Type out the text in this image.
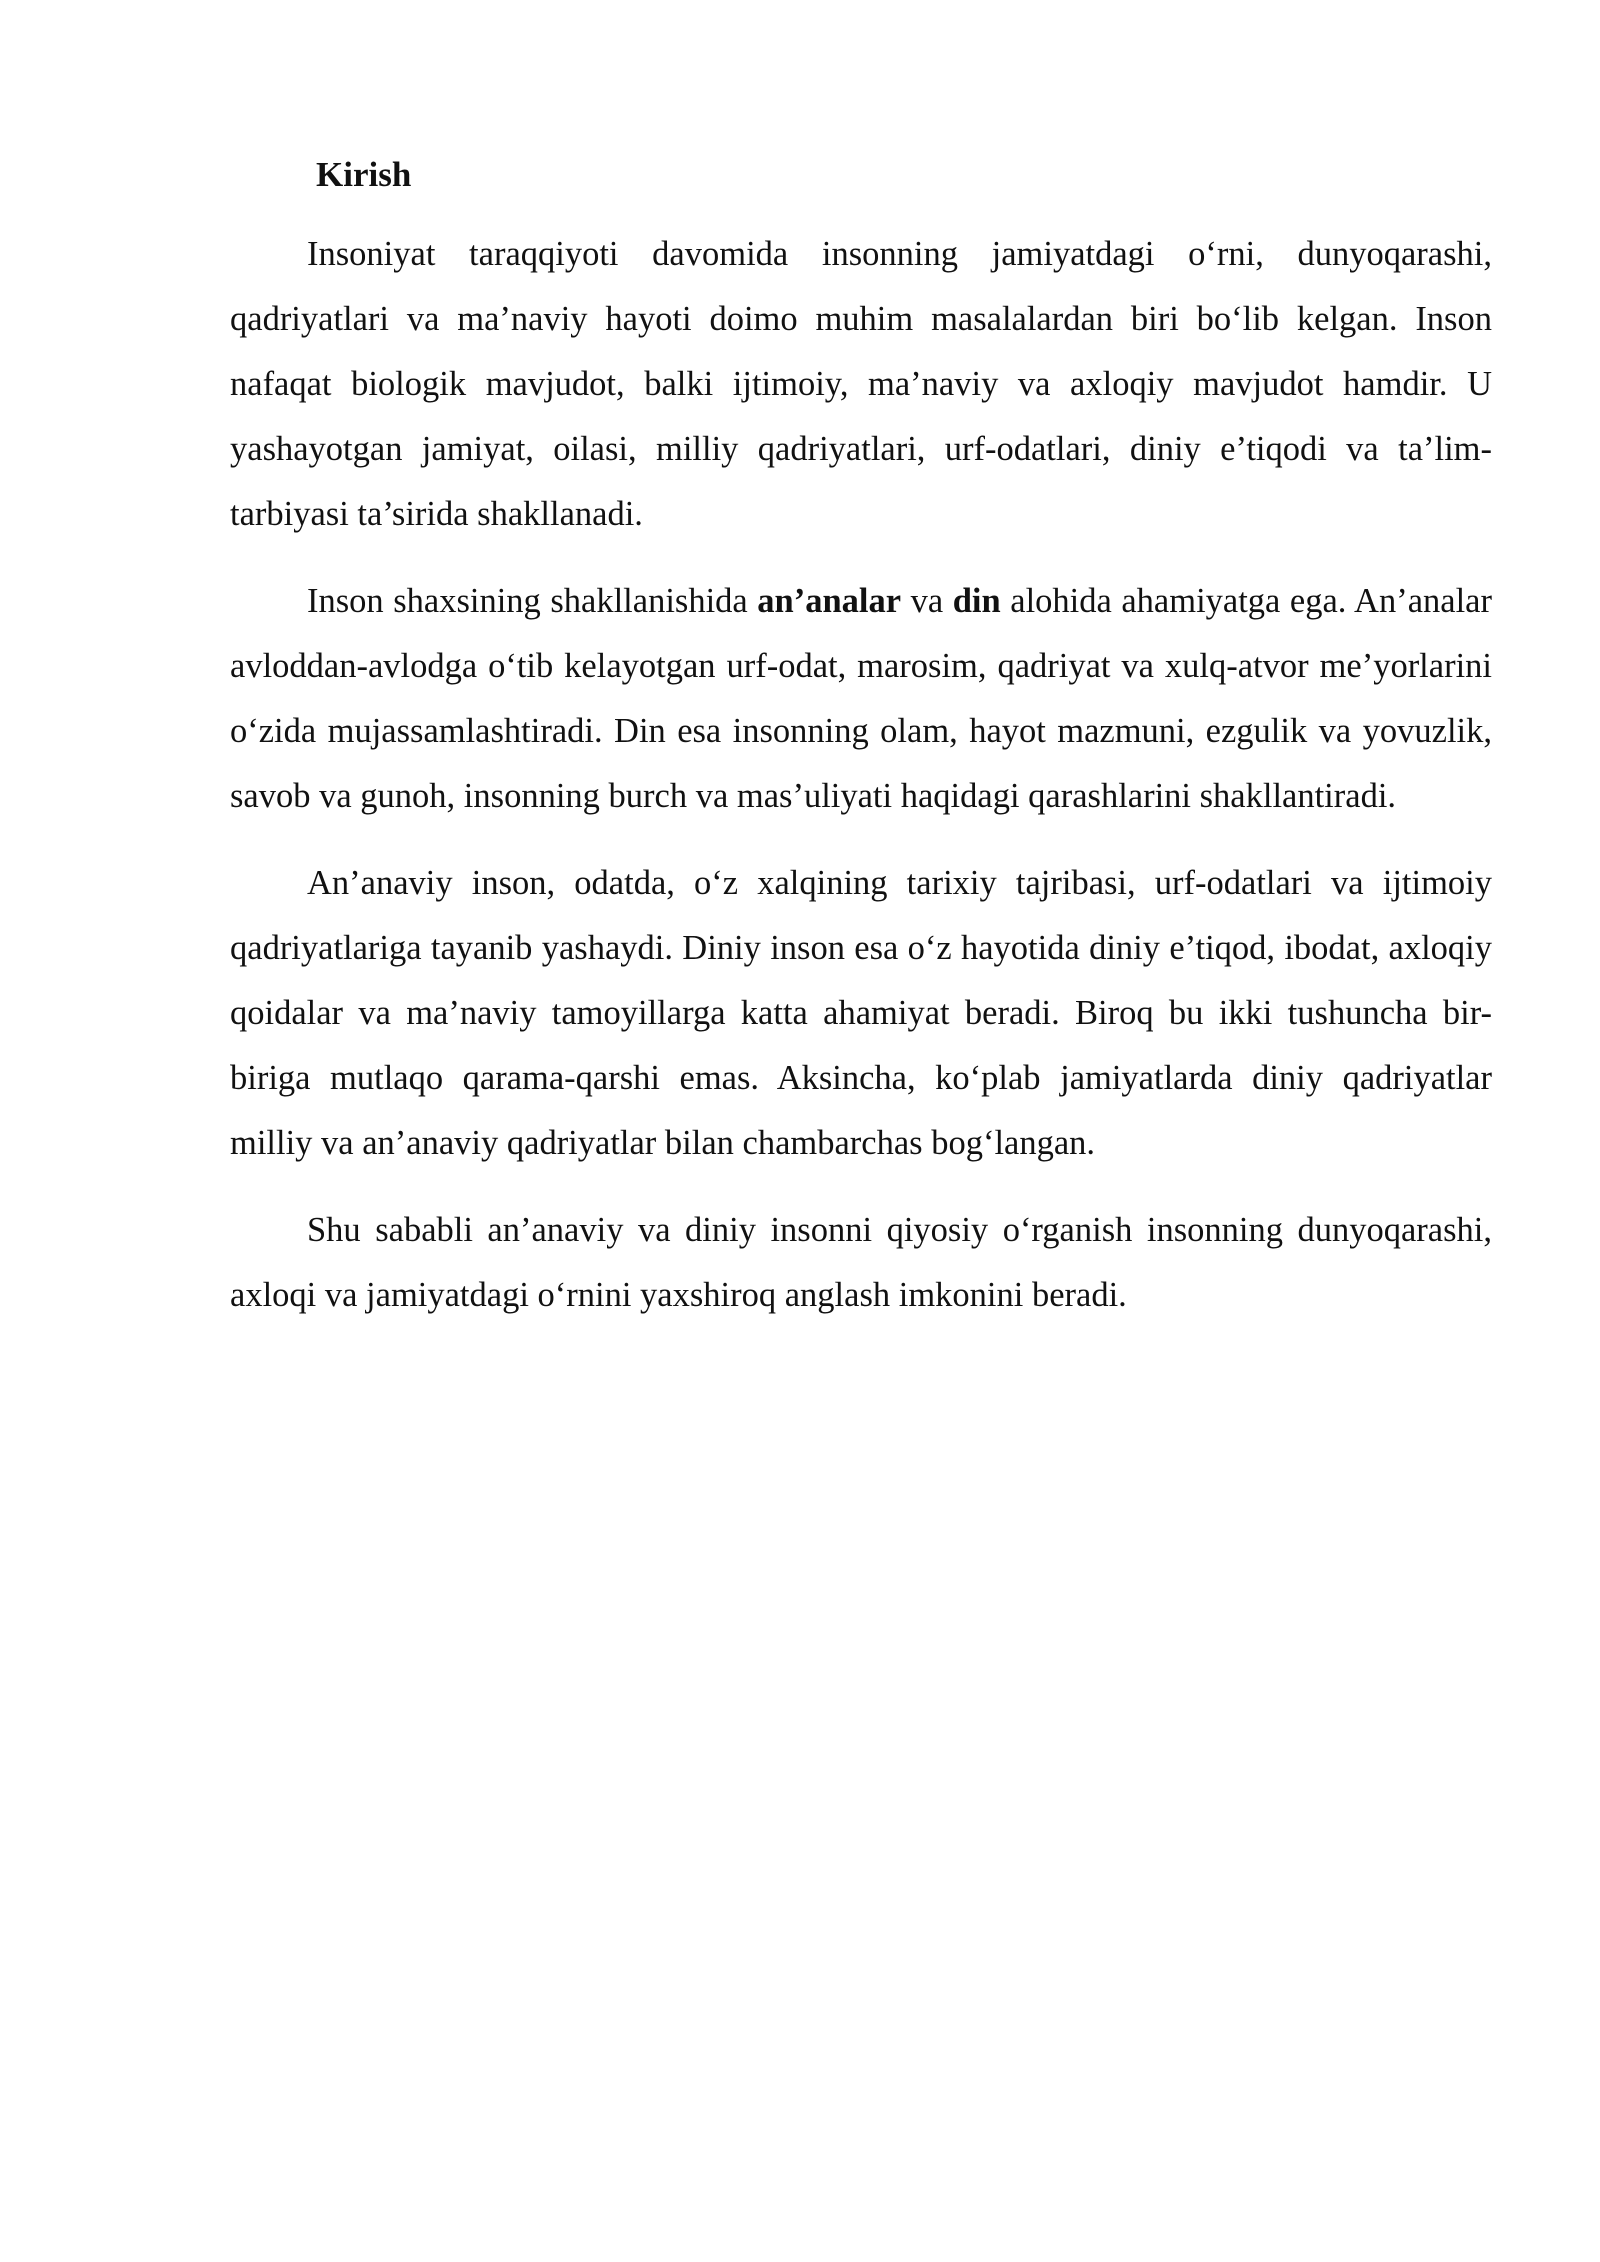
Kirish

Insoniyat taraqqiyoti davomida insonning jamiyatdagi o‘rni, dunyoqarashi, qadriyatlari va ma’naviy hayoti doimo muhim masalalardan biri bo‘lib kelgan. Inson nafaqat biologik mavjudot, balki ijtimoiy, ma’naviy va axloqiy mavjudot hamdir. U yashayotgan jamiyat, oilasi, milliy qadriyatlari, urf-odatlari, diniy e’tiqodi va ta’lim-tarbiyasi ta’sirida shakllanadi.

Inson shaxsining shakllanishida an’analar va din alohida ahamiyatga ega. An’analar avloddan-avlodga o‘tib kelayotgan urf-odat, marosim, qadriyat va xulq-atvor me’yorlarini o‘zida mujassamlashtiradi. Din esa insonning olam, hayot mazmuni, ezgulik va yovuzlik, savob va gunoh, insonning burch va mas’uliyati haqidagi qarashlarini shakllantiradi.

An’anaviy inson, odatda, o‘z xalqining tarixiy tajribasi, urf-odatlari va ijtimoiy qadriyatlariga tayanib yashaydi. Diniy inson esa o‘z hayotida diniy e’tiqod, ibodat, axloqiy qoidalar va ma’naviy tamoyillarga katta ahamiyat beradi. Biroq bu ikki tushuncha bir-biriga mutlaqo qarama-qarshi emas. Aksincha, ko‘plab jamiyatlarda diniy qadriyatlar milliy va an’anaviy qadriyatlar bilan chambarchas bog‘langan.

Shu sababli an’anaviy va diniy insonni qiyosiy o‘rganish insonning dunyoqarashi, axloqi va jamiyatdagi o‘rnini yaxshiroq anglash imkonini beradi.
